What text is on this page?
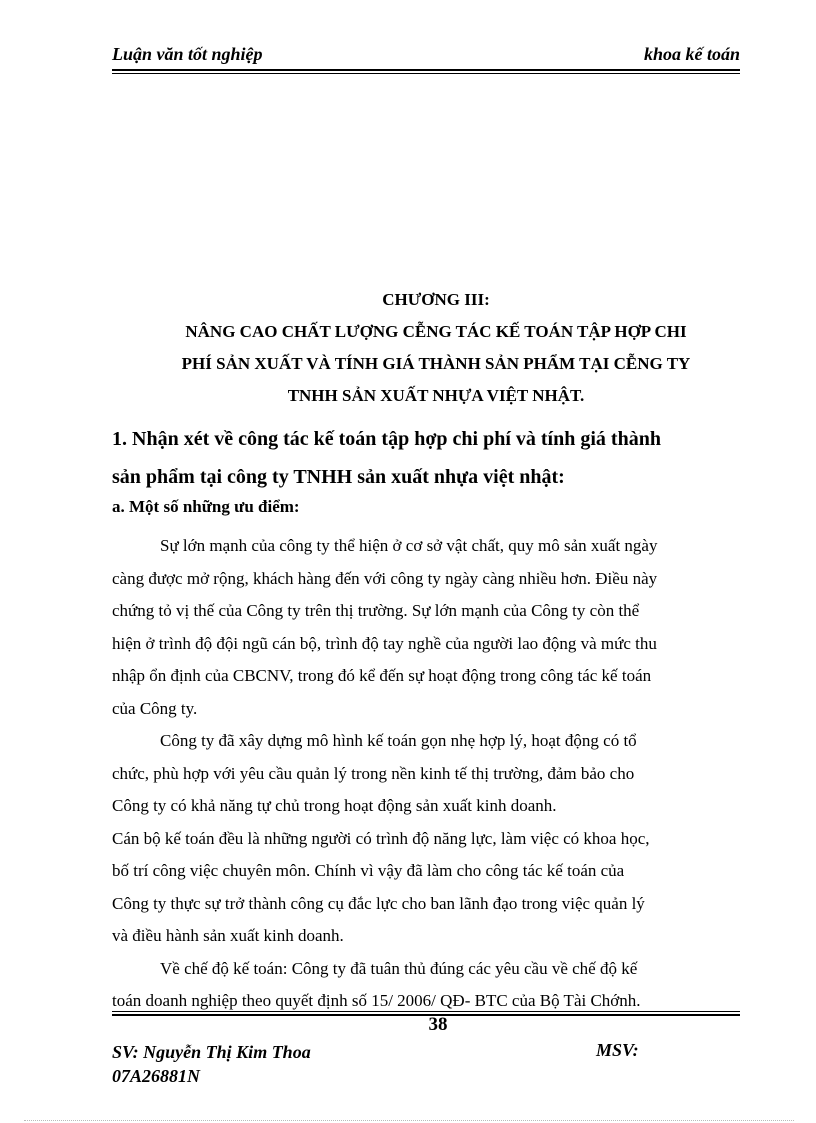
Luận văn tốt nghiệp	khoa kế toán
CHƯƠNG III:
NÂNG CAO CHẤT LƯỢNG CỄNG TÁC KẾ TOÁN TẬP HỢP CHI
PHÍ SẢN XUẤT VÀ TÍNH GIÁ THÀNH SẢN PHẨM TẠI CỄNG TY
TNHH SẢN XUẤT NHỰA VIỆT NHẬT.
1. Nhận xét về công tác kế toán tập hợp chi phí và tính giá thành
sản phẩm tại công ty TNHH sản xuất nhựa việt nhật:
a. Một số những ưu điểm:
Sự lớn mạnh của công ty thể hiện ở cơ sở vật chất, quy mô sản xuất ngày
càng được mở rộng, khách hàng đến với công ty ngày càng nhiều hơn. Điều này
chứng tỏ vị thế của Công ty trên thị trường. Sự lớn mạnh của Công ty còn thể
hiện ở trình độ đội ngũ cán bộ, trình độ tay nghề của người lao động và mức thu
nhập ổn định của CBCNV, trong đó kể đến sự hoạt động trong công tác kế toán
của Công ty.
Công ty đã xây dựng mô hình kế toán gọn nhẹ hợp lý, hoạt động có tổ
chức, phù hợp với yêu cầu quản lý trong nền kinh tế thị trường, đảm bảo cho
Công ty có khả năng tự chủ trong hoạt động sản xuất kinh doanh.
Cán bộ kế toán đều là những người có trình độ năng lực, làm việc có khoa học,
bố trí công việc chuyên môn. Chính vì vậy đã làm cho công tác kế toán của
Công ty thực sự trở thành công cụ đắc lực cho ban lãnh đạo trong việc quản lý
và điều hành sản xuất kinh doanh.
Về chế độ kế toán: Công ty đã tuân thủ đúng các yêu cầu về chế độ kế
toán doanh nghiệp theo quyết định số 15/ 2006/ QĐ- BTC của Bộ Tài Chớnh.
38
SV: Nguyễn Thị Kim Thoa
07A26881N
MSV:
